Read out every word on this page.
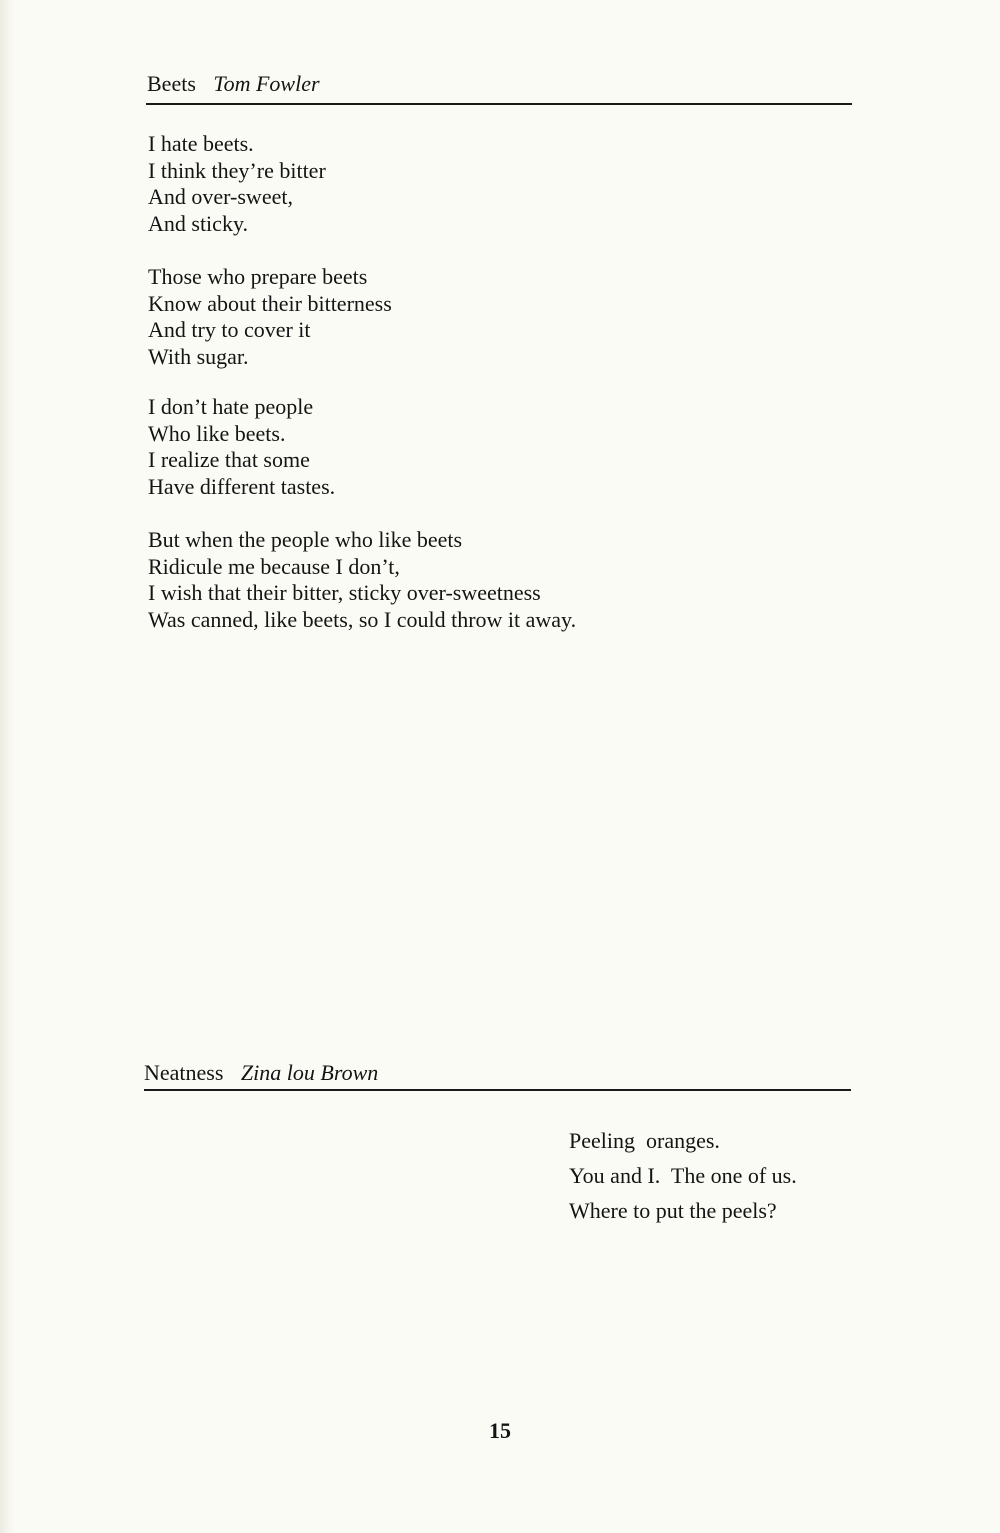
Beets Tom Fowler
I hate beets.
I think they’re bitter
And over-sweet,
And sticky.
Those who prepare beets
Know about their bitterness
And try to cover it
With sugar.
I don’t hate people
Who like beets.
I realize that some
Have different tastes.
But when the people who like beets
Ridicule me because I don’t,
I wish that their bitter, sticky over-sweetness
Was canned, like beets, so I could throw it away.
Neatness Zina lou Brown
Peeling  oranges.
You and I.  The one of us.
Where to put the peels?
15
